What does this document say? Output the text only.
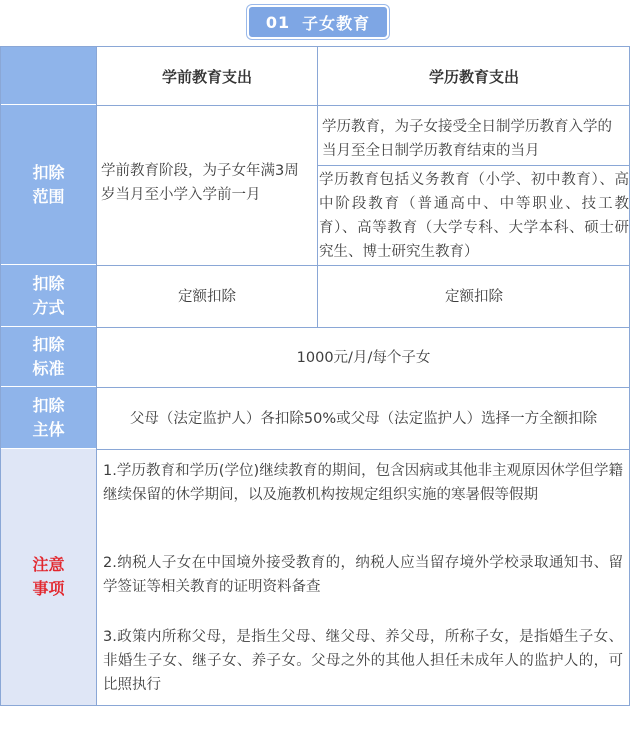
01 子女教育
扣除
范围
扣除
方式
扣除
标准
扣除
主体
注意
事项
学前教育支出	学历教育支出
学前教育阶段，为子女年满3周岁当月至小学入学前一月
学历教育，为子女接受全日制学历教育入学的当月至全日制学历教育结束的当月
学历教育包括义务教育（小学、初中教育）、高中阶段教育（普通高中、中等职业、技工教育）、高等教育（大学专科、大学本科、硕士研究生、博士研究生教育）
定额扣除	定额扣除
1000元/月/每个子女
父母（法定监护人）各扣除50%或父母（法定监护人）选择一方全额扣除
1.学历教育和学历(学位)继续教育的期间，包含因病或其他非主观原因休学但学籍继续保留的休学期间，以及施教机构按规定组织实施的寒暑假等假期
2.纳税人子女在中国境外接受教育的，纳税人应当留存境外学校录取通知书、留学签证等相关教育的证明资料备查
3.政策内所称父母，是指生父母、继父母、养父母，所称子女，是指婚生子女、非婚生子女、继子女、养子女。父母之外的其他人担任未成年人的监护人的，可比照执行
